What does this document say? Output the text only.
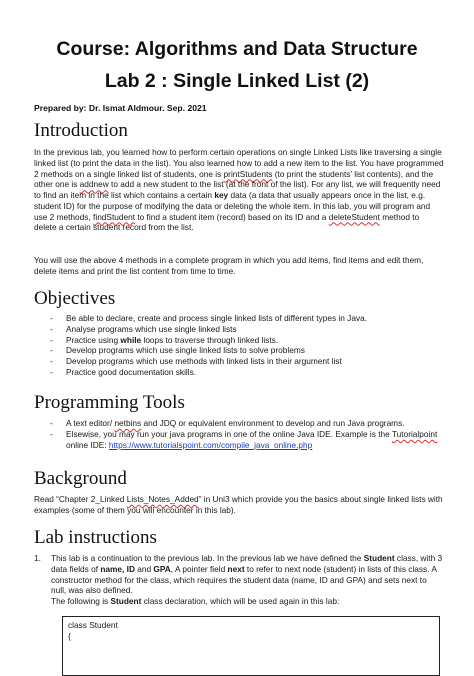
Course: Algorithms and Data Structure
Lab 2 : Single Linked List (2)
Prepared by: Dr. Ismat Aldmour. Sep. 2021
Introduction
In the previous lab, you learned how to perform certain operations on single Linked Lists like traversing a single linked list (to print the data in the list). You also learned how to add a new item to the list. You have programmed 2 methods on a single linked list of students, one is printStudents (to print the students’ list contents), and the other one is addnew to add a new student to the list (at the front of the list). For any list, we will frequently need to find an item in the list which contains a certain key data (a data that usually appears once in the list, e.g. student ID) for the purpose of modifying the data or deleting the whole item. In this lab, you will program and use 2 methods, findStudent to find a student item (record) based on its ID and a deleteStudent method to delete a certain student record from the list.
You will use the above 4 methods in a complete program in which you add items, find items and edit them, delete items and print the list content from time to time.
Objectives
- Be able to declare, create and process single linked lists of different types in Java.
- Analyse programs which use single linked lists
- Practice using while loops to traverse through linked lists.
- Develop programs which use single linked lists to solve problems
- Develop programs which use methods with linked lists in their argument list
- Practice good documentation skills.
Programming Tools
- A text editor/ netbins and JDQ or equivalent environment to develop and run Java programs.
- Elsewise, you may run your java programs in one of the online Java IDE. Example is the Tutorialpoint online IDE: https://www.tutorialspoint.com/compile_java_online.php
Background
Read “Chapter 2_Linked Lists_Notes_Added” in Uni3 which provide you the basics about single linked lists with examples (some of them you will encounter in this lab).
Lab instructions
1. This lab is a continuation to the previous lab. In the previous lab we have defined the Student class, with 3 data fields of name, ID and GPA, A pointer field next to refer to next node (student) in lists of this class. A constructor method for the class, which requires the student data (name, ID and GPA) and sets next to null, was also defined.
The following is Student class declaration, which will be used again in this lab:
class Student
{
